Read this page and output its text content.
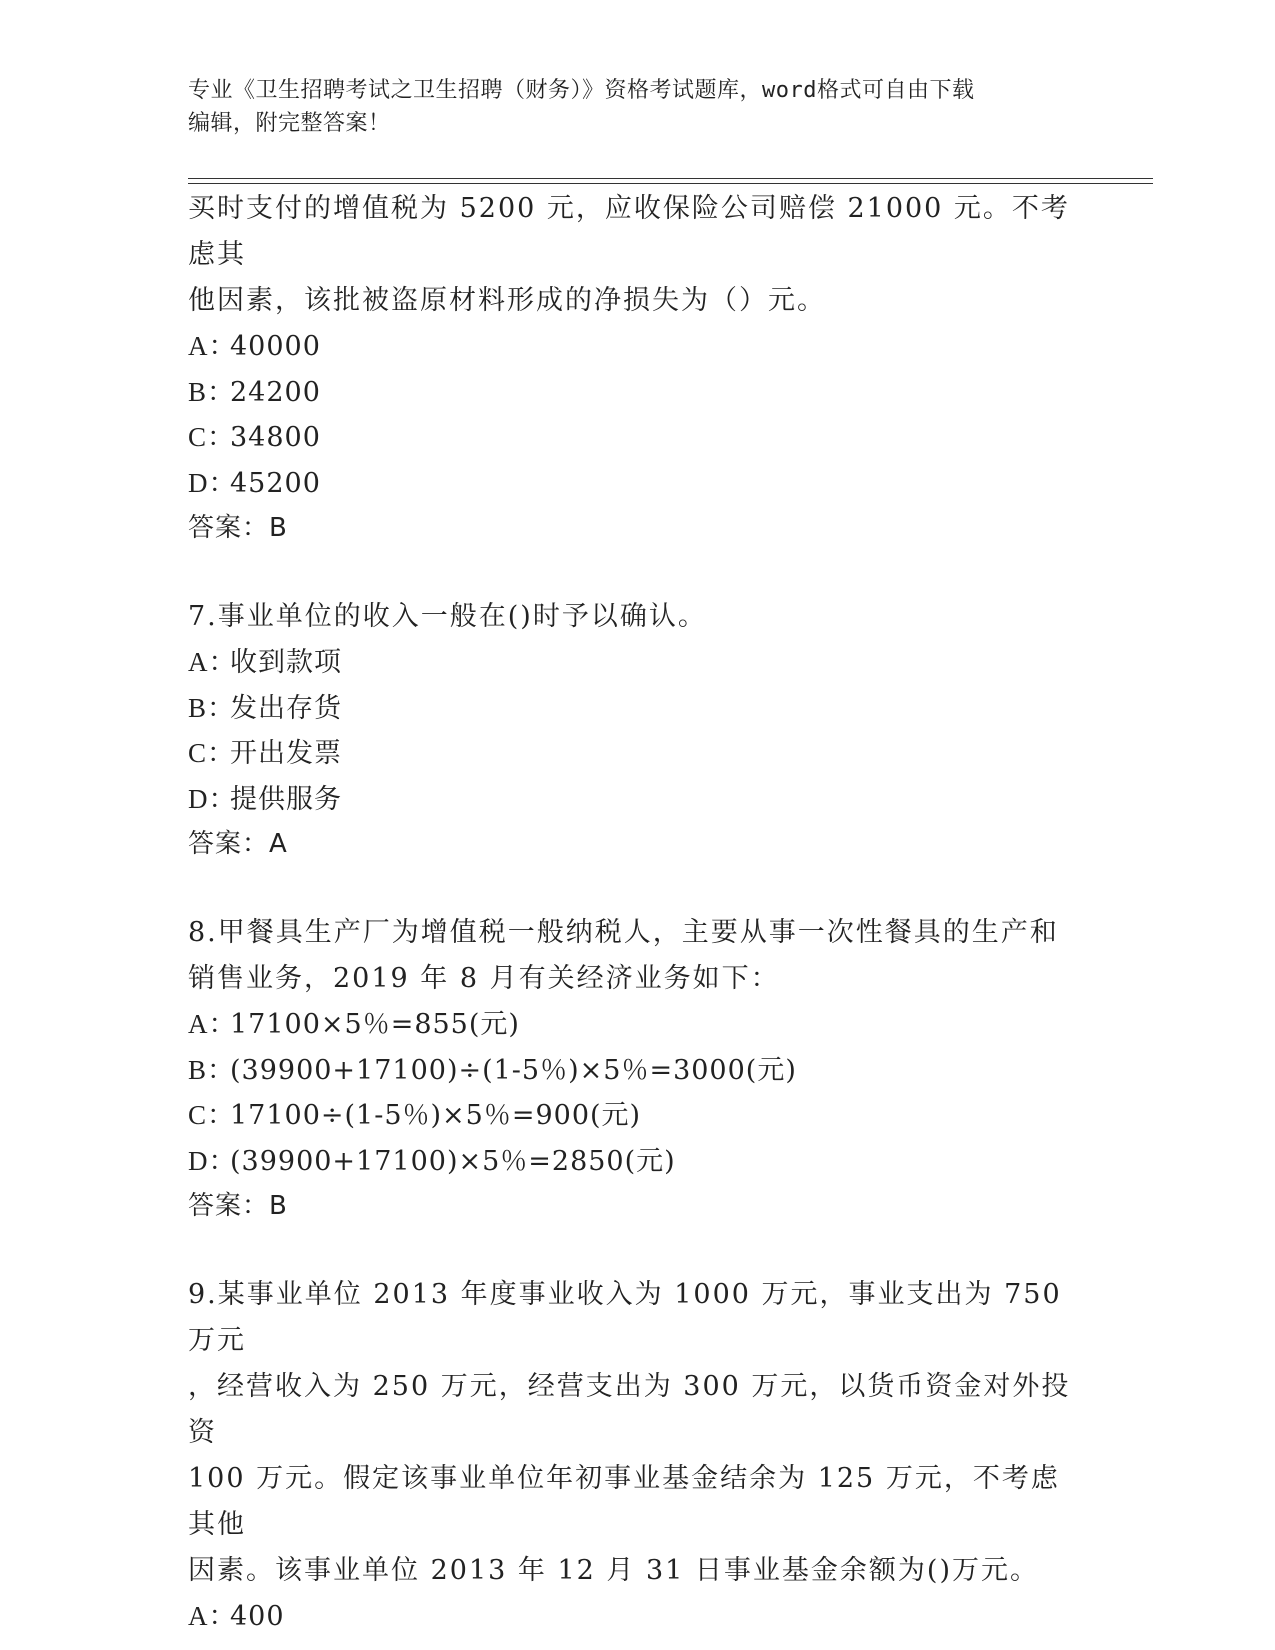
专业《卫生招聘考试之卫生招聘（财务）》资格考试题库，word格式可自由下载
编辑，附完整答案！

买时支付的增值税为 5200 元，应收保险公司赔偿 21000 元。不考虑其

他因素，该批被盗原材料形成的净损失为（）元。

A：40000

B：24200

C：34800

D：45200

答案：B

7.事业单位的收入一般在()时予以确认。

A：收到款项

B：发出存货

C：开出发票

D：提供服务

答案：A

8.甲餐具生产厂为增值税一般纳税人，主要从事一次性餐具的生产和

销售业务，2019 年 8 月有关经济业务如下：

A：17100×5％=855(元)

B：(39900+17100)÷(1-5％)×5％=3000(元)

C：17100÷(1-5％)×5％=900(元)

D：(39900+17100)×5％=2850(元)

答案：B

9.某事业单位 2013 年度事业收入为 1000 万元，事业支出为 750 万元

，经营收入为 250 万元，经营支出为 300 万元，以货币资金对外投资

100 万元。假定该事业单位年初事业基金结余为 125 万元，不考虑其他

因素。该事业单位 2013 年 12 月 31 日事业基金余额为()万元。

A：400
